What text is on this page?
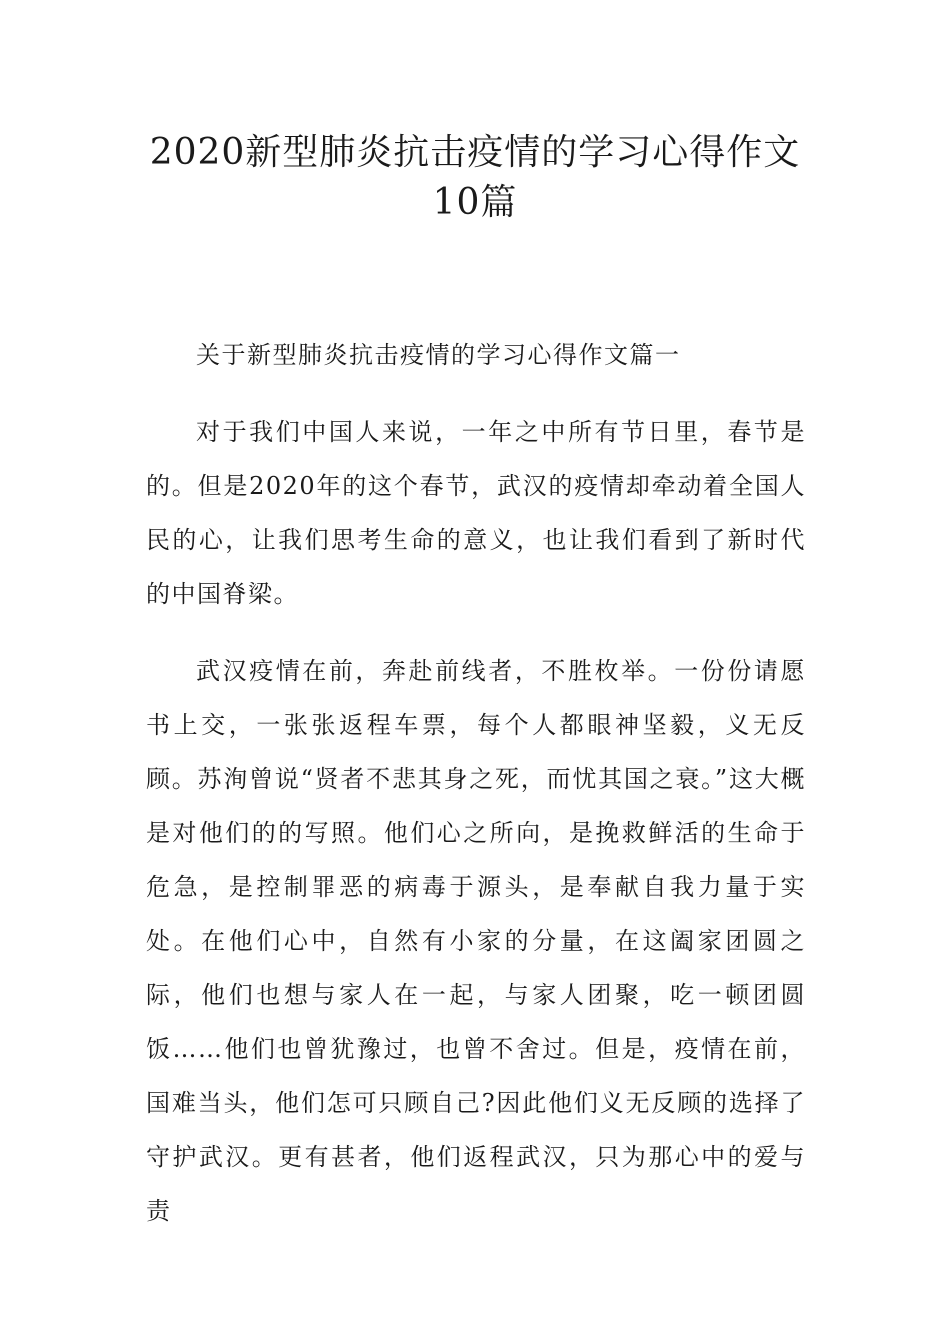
2020新型肺炎抗击疫情的学习心得作文10篇

关于新型肺炎抗击疫情的学习心得作文篇一

对于我们中国人来说，一年之中所有节日里，春节是的。但是2020年的这个春节，武汉的疫情却牵动着全国人民的心，让我们思考生命的意义，也让我们看到了新时代的中国脊梁。

武汉疫情在前，奔赴前线者，不胜枚举。一份份请愿书上交，一张张返程车票，每个人都眼神坚毅，义无反顾。苏洵曾说“贤者不悲其身之死，而忧其国之衰。”这大概是对他们的的写照。他们心之所向，是挽救鲜活的生命于危急，是控制罪恶的病毒于源头，是奉献自我力量于实处。在他们心中，自然有小家的分量，在这阖家团圆之际，他们也想与家人在一起，与家人团聚，吃一顿团圆饭……他们也曾犹豫过，也曾不舍过。但是，疫情在前，国难当头，他们怎可只顾自己?因此他们义无反顾的选择了守护武汉。更有甚者，他们返程武汉，只为那心中的爱与责
